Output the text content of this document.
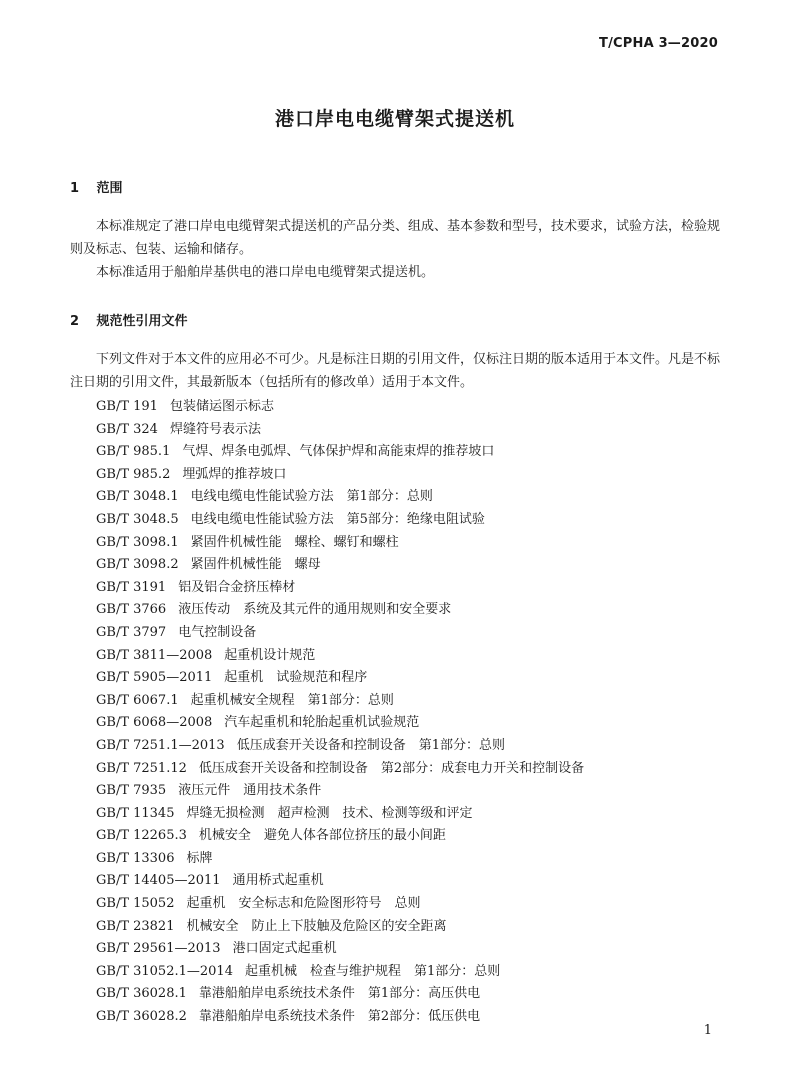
T/CPHA 3—2020
港口岸电电缆臂架式提送机
1 范围

本标准规定了港口岸电电缆臂架式提送机的产品分类、组成、基本参数和型号，技术要求，试验方法，检验规则及标志、包装、运输和储存。

本标准适用于船舶岸基供电的港口岸电电缆臂架式提送机。

2 规范性引用文件

下列文件对于本文件的应用必不可少。凡是标注日期的引用文件，仅标注日期的版本适用于本文件。凡是不标注日期的引用文件，其最新版本（包括所有的修改单）适用于本文件。

GB/T 191 包装储运图示标志
GB/T 324 焊缝符号表示法
GB/T 985.1 气焊、焊条电弧焊、气体保护焊和高能束焊的推荐坡口
GB/T 985.2 埋弧焊的推荐坡口
GB/T 3048.1 电线电缆电性能试验方法　第1部分：总则
GB/T 3048.5 电线电缆电性能试验方法　第5部分：绝缘电阻试验
GB/T 3098.1 紧固件机械性能　螺栓、螺钉和螺柱
GB/T 3098.2 紧固件机械性能　螺母
GB/T 3191 铝及铝合金挤压棒材
GB/T 3766 液压传动　系统及其元件的通用规则和安全要求
GB/T 3797 电气控制设备
GB/T 3811—2008 起重机设计规范
GB/T 5905—2011 起重机　试验规范和程序
GB/T 6067.1 起重机械安全规程　第1部分：总则
GB/T 6068—2008 汽车起重机和轮胎起重机试验规范
GB/T 7251.1—2013 低压成套开关设备和控制设备　第1部分：总则
GB/T 7251.12 低压成套开关设备和控制设备　第2部分：成套电力开关和控制设备
GB/T 7935 液压元件　通用技术条件
GB/T 11345 焊缝无损检测　超声检测　技术、检测等级和评定
GB/T 12265.3 机械安全　避免人体各部位挤压的最小间距
GB/T 13306 标牌
GB/T 14405—2011 通用桥式起重机
GB/T 15052 起重机　安全标志和危险图形符号　总则
GB/T 23821 机械安全　防止上下肢触及危险区的安全距离
GB/T 29561—2013 港口固定式起重机
GB/T 31052.1—2014 起重机械　检查与维护规程　第1部分：总则
GB/T 36028.1 靠港船舶岸电系统技术条件　第1部分：高压供电
GB/T 36028.2 靠港船舶岸电系统技术条件　第2部分：低压供电
1
